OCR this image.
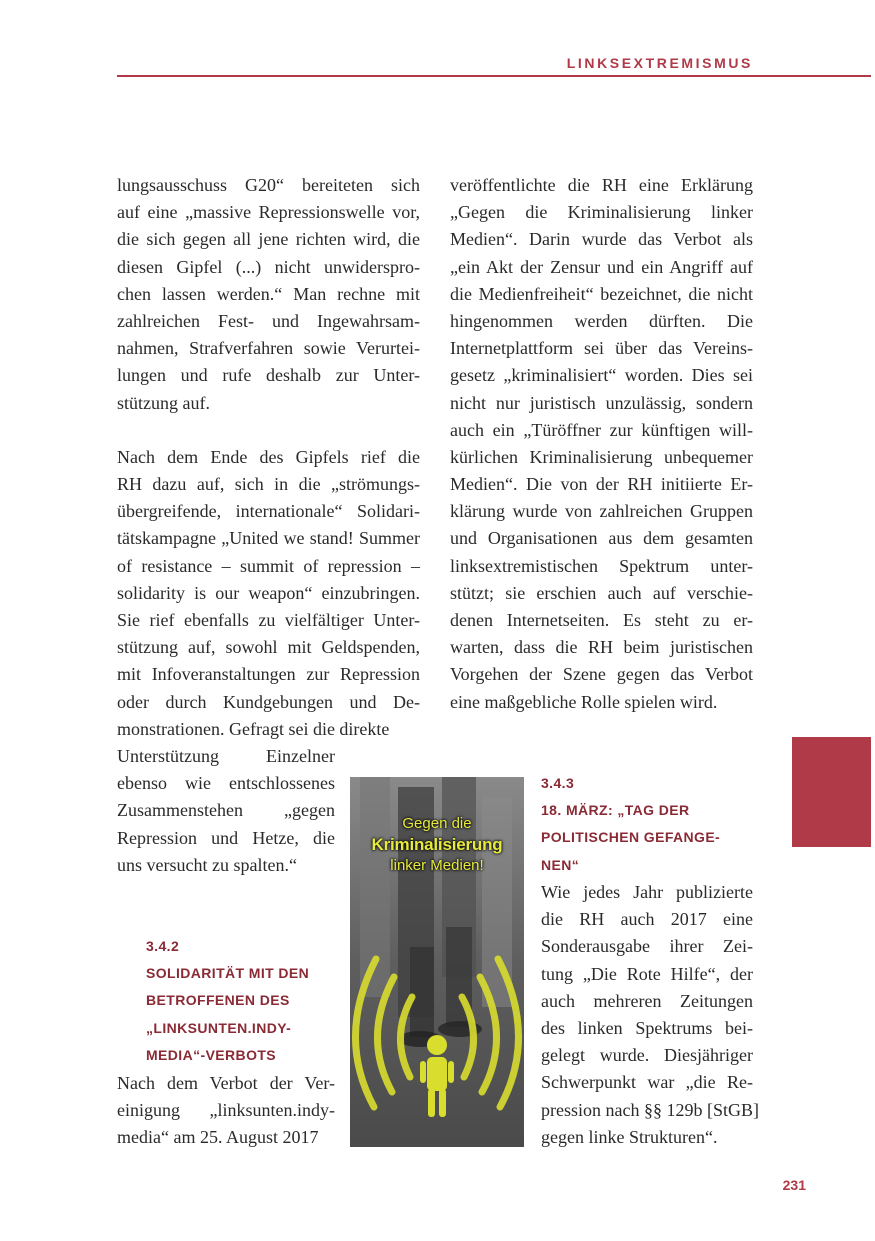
LINKSEXTREMISMUS
lungsausschuss G20“ bereiteten sich
auf eine „massive Repressionswelle vor,
die sich gegen all jene richten wird, die
diesen Gipfel (...) nicht unwiderspro-
chen lassen werden.“ Man rechne mit
zahlreichen Fest- und Ingewahrsam-
nahmen, Strafverfahren sowie Verurtei-
lungen und rufe deshalb zur Unter-
stützung auf.
Nach dem Ende des Gipfels rief die
RH dazu auf, sich in die „strömungs-
übergreifende, internationale“ Solidari-
tätskampagne „United we stand! Summer
of resistance – summit of repression –
solidarity is our weapon“ einzubringen.
Sie rief ebenfalls zu vielfältiger Unter-
stützung auf, sowohl mit Geldspenden,
mit Infoveranstaltungen zur Repression
oder durch Kundgebungen und De-
monstrationen. Gefragt sei die direkte
veröffentlichte die RH eine Erklärung
„Gegen die Kriminalisierung linker
Medien“. Darin wurde das Verbot als
„ein Akt der Zensur und ein Angriff auf
die Medienfreiheit“ bezeichnet, die nicht
hingenommen werden dürften. Die
Internetplattform sei über das Vereins-
gesetz „kriminalisiert“ worden. Dies sei
nicht nur juristisch unzulässig, sondern
auch ein „Türöffner zur künftigen will-
kürlichen Kriminalisierung unbequemer
Medien“. Die von der RH initiierte Er-
klärung wurde von zahlreichen Gruppen
und Organisationen aus dem gesamten
linksextremistischen Spektrum unter-
stützt; sie erschien auch auf verschie-
denen Internetseiten. Es steht zu er-
warten, dass die RH beim juristischen
Vorgehen der Szene gegen das Verbot
eine maßgebliche Rolle spielen wird.
Unterstützung Einzelner
ebenso wie entschlossenes
Zusammenstehen „gegen
Repression und Hetze, die
uns versucht zu spalten.“
3.4.2
SOLIDARITÄT MIT DEN
BETROFFENEN DES
„LINKSUNTEN.INDY-
MEDIA“-VERBOTS
Nach dem Verbot der Ver-
einigung „linksunten.indy-
media“ am 25. August 2017
3.4.3
18. MÄRZ: „TAG DER
POLITISCHEN GEFANGE-
NEN“
Wie jedes Jahr publizierte
die RH auch 2017 eine
Sonderausgabe ihrer Zei-
tung „Die Rote Hilfe“, der
auch mehreren Zeitungen
des linken Spektrums bei-
gelegt wurde. Diesjähriger
Schwerpunkt war „die Re-
pression nach §§ 129b [StGB]
gegen linke Strukturen“.
Gegen die
Kriminalisierung
linker Medien!
231
